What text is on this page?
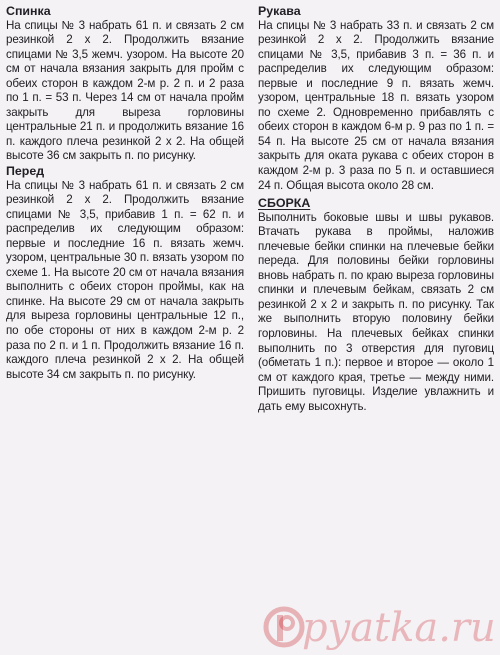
Спинка

На спицы № 3 набрать 61 п. и связать 2 см резинкой 2 х 2. Продолжить вязание спицами № 3,5 жемч. узором. На высоте 20 см от начала вязания закрыть для пройм с обеих сторон в каждом 2-м р. 2 п. и 2 раза по 1 п. = 53 п. Через 14 см от начала пройм закрыть для выреза горловины центральные 21 п. и продолжить вязание 16 п. каждого плеча резинкой 2 х 2. На общей высоте 36 см закрыть п. по рисунку.

Перед

На спицы № 3 набрать 61 п. и связать 2 см резинкой 2 х 2. Продолжить вязание спицами № 3,5, прибавив 1 п. = 62 п. и распределив их следующим образом: первые и последние 16 п. вязать жемч. узором, центральные 30 п. вязать узором по схеме 1. На высоте 20 см от начала вязания выполнить с обеих сторон проймы, как на спинке. На высоте 29 см от начала закрыть для выреза горловины центральные 12 п., по обе стороны от них в каждом 2-м р. 2 раза по 2 п. и 1 п. Продолжить вязание 16 п. каждого плеча резинкой 2 х 2. На общей высоте 34 см закрыть п. по рисунку.

Рукава

На спицы № 3 набрать 33 п. и связать 2 см резинкой 2 х 2. Продолжить вязание спицами № 3,5, прибавив 3 п. = 36 п. и распределив их следующим образом: первые и последние 9 п. вязать жемч. узором, центральные 18 п. вязать узором по схеме 2. Одновременно прибавлять с обеих сторон в каждом 6-м р. 9 раз по 1 п. = 54 п. На высоте 25 см от начала вязания закрыть для оката рукава с обеих сторон в каждом 2-м р. 3 раза по 5 п. и оставшиеся 24 п. Общая высота около 28 см.

СБОРКА

Выполнить боковые швы и швы рукавов. Втачать рукава в проймы, наложив плечевые бейки спинки на плечевые бейки переда. Для половины бейки горловины вновь набрать п. по краю выреза горловины спинки и плечевым бейкам, связать 2 см резинкой 2 х 2 и закрыть п. по рисунку. Так же выполнить вторую половину бейки горловины. На плечевых бейках спинки выполнить по 3 отверстия для пуговиц (обметать 1 п.): первое и второе — около 1 см от каждого края, третье — между ними. Пришить пуговицы. Изделие увлажнить и дать ему высохнуть.

pyatka.ru
